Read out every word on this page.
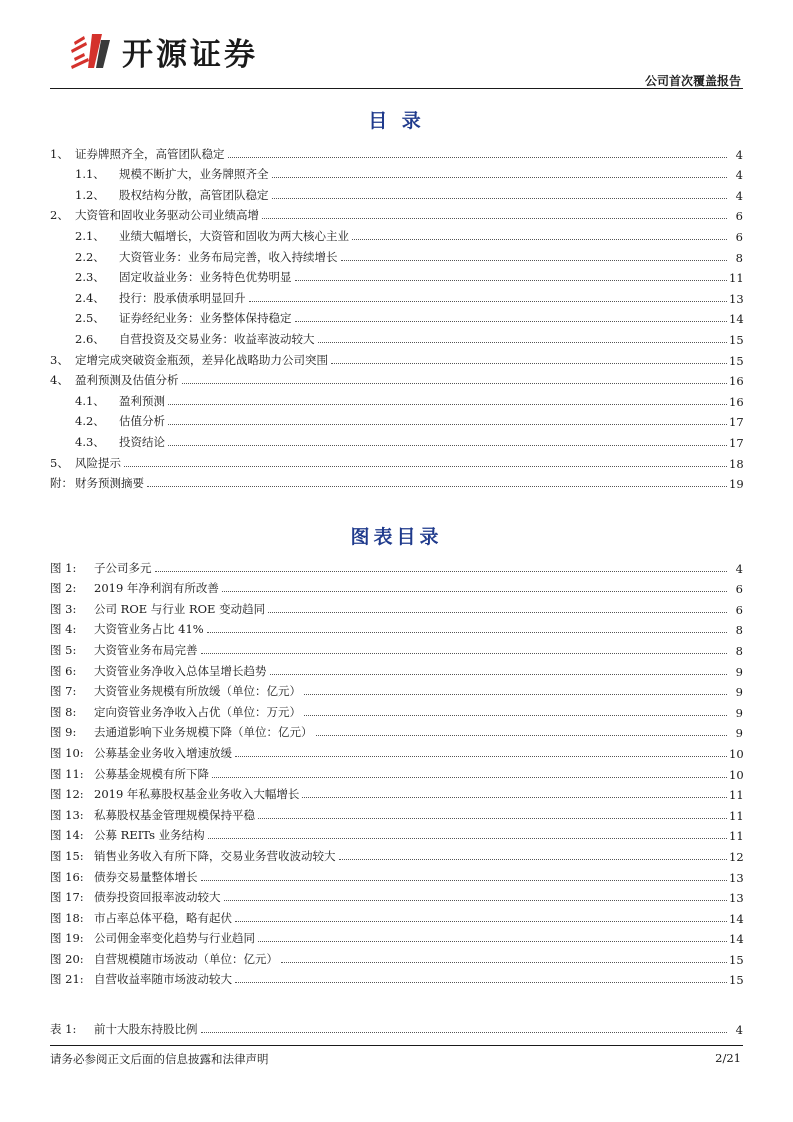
开源证券
公司首次覆盖报告
目 录
1、 证券牌照齐全，高管团队稳定	4
1.1、	规模不断扩大，业务牌照齐全	4
1.2、	股权结构分散，高管团队稳定	4
2、 大资管和固收业务驱动公司业绩高增	6
2.1、	业绩大幅增长，大资管和固收为两大核心主业	6
2.2、	大资管业务：业务布局完善，收入持续增长	8
2.3、	固定收益业务：业务特色优势明显	11
2.4、	投行：股承债承明显回升	13
2.5、	证券经纪业务：业务整体保持稳定	14
2.6、	自营投资及交易业务：收益率波动较大	15
3、 定增完成突破资金瓶颈，差异化战略助力公司突围	15
4、 盈利预测及估值分析	16
4.1、	盈利预测	16
4.2、	估值分析	17
4.3、	投资结论	17
5、 风险提示	18
附： 财务预测摘要	19
图表目录
图 1:	子公司多元	4
图 2:	2019 年净利润有所改善	6
图 3:	公司 ROE 与行业 ROE 变动趋同	6
图 4:	大资管业务占比 41%	8
图 5:	大资管业务布局完善	8
图 6:	大资管业务净收入总体呈增长趋势	9
图 7:	大资管业务规模有所放缓（单位：亿元）	9
图 8:	定向资管业务净收入占优（单位：万元）	9
图 9:	去通道影响下业务规模下降（单位：亿元）	9
图 10: 公募基金业务收入增速放缓	10
图 11: 公募基金规模有所下降	10
图 12: 2019 年私募股权基金业务收入大幅增长	11
图 13: 私募股权基金管理规模保持平稳	11
图 14: 公募 REITs 业务结构	11
图 15: 销售业务收入有所下降，交易业务营收波动较大	12
图 16: 债券交易量整体增长	13
图 17: 债券投资回报率波动较大	13
图 18: 市占率总体平稳，略有起伏	14
图 19: 公司佣金率变化趋势与行业趋同	14
图 20: 自营规模随市场波动（单位：亿元）	15
图 21: 自营收益率随市场波动较大	15
表 1:	前十大股东持股比例	4
请务必参阅正文后面的信息披露和法律声明	2/21
